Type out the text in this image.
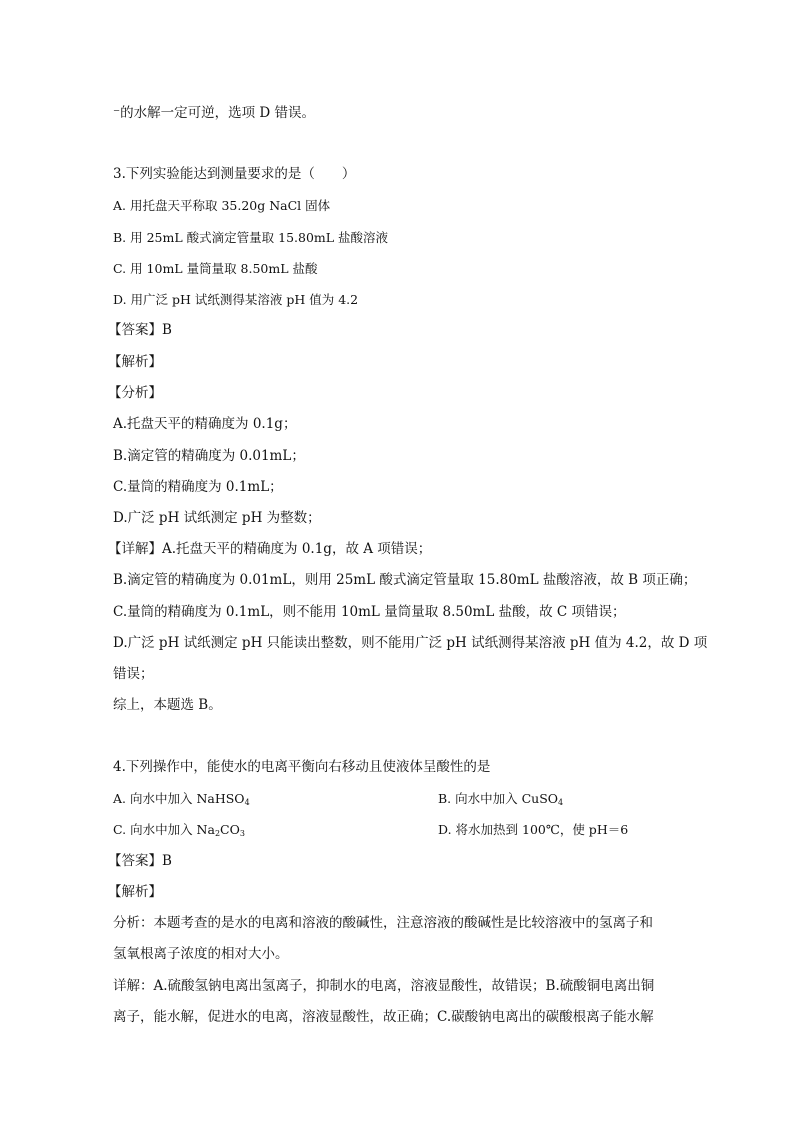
⁻的水解一定可逆，选项 D 错误。
3.下列实验能达到测量要求的是（　　）
A. 用托盘天平称取 35.20g NaCl 固体
B. 用 25mL 酸式滴定管量取 15.80mL 盐酸溶液
C. 用 10mL 量筒量取 8.50mL 盐酸
D. 用广泛 pH 试纸测得某溶液 pH 值为 4.2
【答案】B
【解析】
【分析】
A.托盘天平的精确度为 0.1g；
B.滴定管的精确度为 0.01mL；
C.量筒的精确度为 0.1mL；
D.广泛 pH 试纸测定 pH 为整数；
【详解】A.托盘天平的精确度为 0.1g，故 A 项错误；
B.滴定管的精确度为 0.01mL，则用 25mL 酸式滴定管量取 15.80mL 盐酸溶液，故 B 项正确；
C.量筒的精确度为 0.1mL，则不能用 10mL 量筒量取 8.50mL 盐酸，故 C 项错误；
D.广泛 pH 试纸测定 pH 只能读出整数，则不能用广泛 pH 试纸测得某溶液 pH 值为 4.2，故 D 项
错误；
综上，本题选 B。
4.下列操作中，能使水的电离平衡向右移动且使液体呈酸性的是
A. 向水中加入 NaHSO$_4$	B. 向水中加入 CuSO$_4$
C. 向水中加入 $Na_2CO_3$	D. 将水加热到 100℃，使 pH＝6
【答案】B
【解析】
分析：本题考查的是水的电离和溶液的酸碱性，注意溶液的酸碱性是比较溶液中的氢离子和
氢氧根离子浓度的相对大小。
详解：A.硫酸氢钠电离出氢离子，抑制水的电离，溶液显酸性，故错误；B.硫酸铜电离出铜
离子，能水解，促进水的电离，溶液显酸性，故正确；C.碳酸钠电离出的碳酸根离子能水解
